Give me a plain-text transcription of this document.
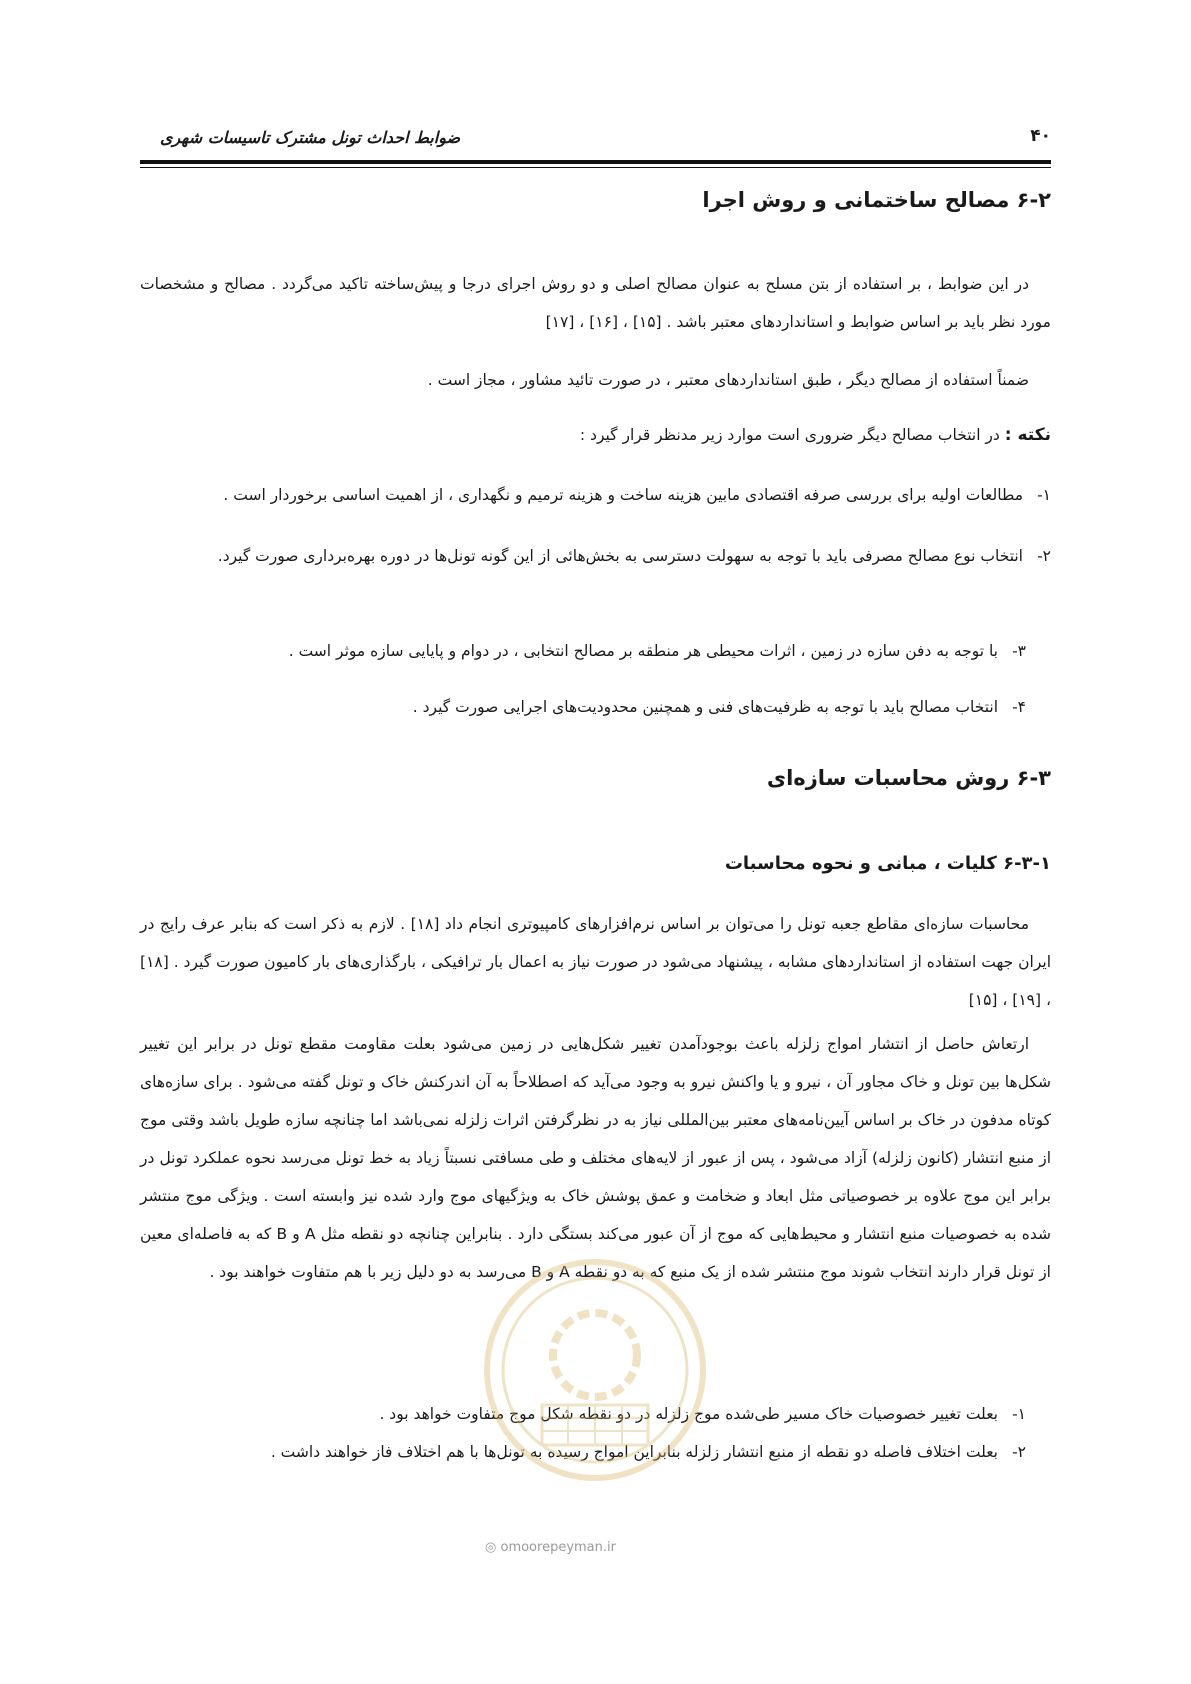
۴۰
ضوابط احداث تونل مشترک تاسیسات شهری
۶-۲ مصالح ساختمانی و روش اجرا
در این ضوابط ، بر استفاده از بتن مسلح به عنوان مصالح اصلی و دو روش اجرای درجا و پیش‌ساخته تاکید می‌گردد . مصالح و مشخصات مورد نظر باید بر اساس ضوابط و استانداردهای معتبر باشد . [۱۵] ، [۱۶] ، [۱۷]
ضمناً استفاده از مصالح دیگر ، طبق استانداردهای معتبر ، در صورت تائید مشاور ، مجاز است .
نکته : در انتخاب مصالح دیگر ضروری است موارد زیر مدنظر قرار گیرد :
۱-
مطالعات اولیه برای بررسی صرفه اقتصادی مابین هزینه ساخت و هزینه ترمیم و نگهداری ، از اهمیت اساسی برخوردار است .
۲-
انتخاب نوع مصالح مصرفی باید با توجه به سهولت دسترسی به بخش‌هائی از این گونه تونل‌ها در دوره بهره‌برداری صورت گیرد.
۳-
با توجه به دفن سازه در زمین ، اثرات محیطی هر منطقه بر مصالح انتخابی ، در دوام و پایایی سازه موثر است .
۴-
انتخاب مصالح باید با توجه به ظرفیت‌های فنی و همچنین محدودیت‌های اجرایی صورت گیرد .
۶-۳ روش محاسبات سازه‌ای
۶-۳-۱ کلیات ، مبانی و نحوه محاسبات
محاسبات سازه‌ای مقاطع جعبه تونل را می‌توان بر اساس نرم‌افزارهای کامپیوتری انجام داد [۱۸] . لازم به ذکر است که بنابر عرف رایج در ایران جهت استفاده از استانداردهای مشابه ، پیشنهاد می‌شود در صورت نیاز به اعمال بار ترافیکی ، بارگذاری‌های بار کامیون صورت گیرد . [۱۸] ، [۱۹] ، [۱۵]
ارتعاش حاصل از انتشار امواج زلزله باعث بوجودآمدن تغییر شکل‌هایی در زمین می‌شود بعلت مقاومت مقطع تونل در برابر این تغییر شکل‌ها بین تونل و خاک مجاور آن ، نیرو و یا واکنش نیرو به وجود می‌آید که اصطلاحاً به آن اندرکنش خاک و تونل گفته می‌شود . برای سازه‌های کوتاه مدفون در خاک بر اساس آیین‌نامه‌های معتبر بین‌المللی نیاز به در نظرگرفتن اثرات زلزله نمی‌باشد اما چنانچه سازه طویل باشد وقتی موج از منبع انتشار (کانون زلزله) آزاد می‌شود ، پس از عبور از لایه‌های مختلف و طی مسافتی نسبتاً زیاد به خط تونل می‌رسد نحوه عملکرد تونل در برابر این موج علاوه بر خصوصیاتی مثل ابعاد و ضخامت و عمق پوشش خاک به ویژگیهای موج وارد شده نیز وابسته است . ویژگی موج منتشر شده به خصوصیات منبع انتشار و محیط‌هایی که موج از آن عبور می‌کند بستگی دارد . بنابراین چنانچه دو نقطه مثل A و B که به فاصله‌ای معین از تونل قرار دارند انتخاب شوند موج منتشر شده از یک منبع که به دو نقطه A و B می‌رسد به دو دلیل زیر با هم متفاوت خواهند بود .
۱-
بعلت تغییر خصوصیات خاک مسیر طی‌شده موج زلزله در دو نقطه شکل موج متفاوت خواهد بود .
۲-
بعلت اختلاف فاصله دو نقطه از منبع انتشار زلزله بنابراین امواج رسیده به تونل‌ها با هم اختلاف فاز خواهند داشت .
◎ omoorepeyman.ir
